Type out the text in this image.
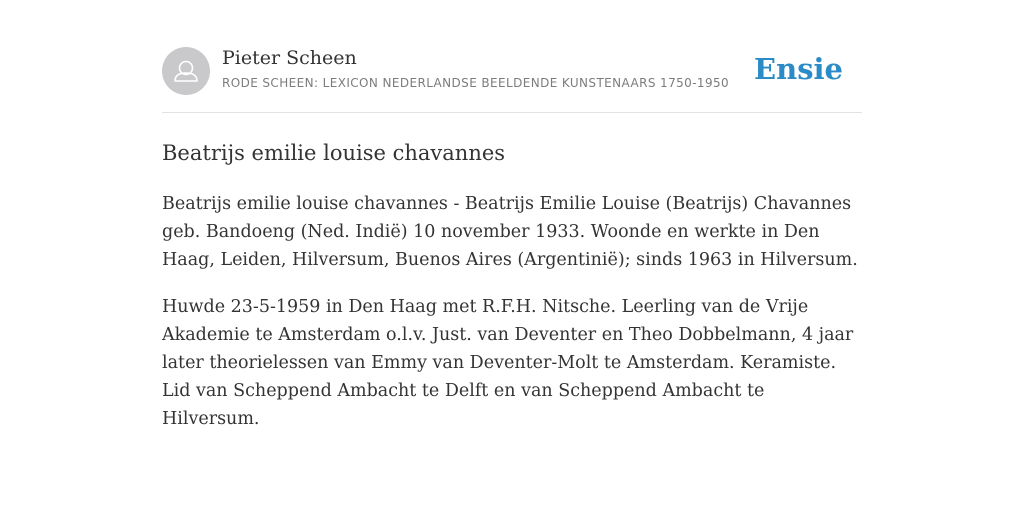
Pieter Scheen
RODE SCHEEN: LEXICON NEDERLANDSE BEELDENDE KUNSTENAARS 1750-1950 Ensie
Beatrijs emilie louise chavannes

Beatrijs emilie louise chavannes - Beatrijs Emilie Louise (Beatrijs) Chavannes geb. Bandoeng (Ned. Indië) 10 november 1933. Woonde en werkte in Den Haag, Leiden, Hilversum, Buenos Aires (Argentinië); sinds 1963 in Hilversum.

Huwde 23-5-1959 in Den Haag met R.F.H. Nitsche. Leerling van de Vrije Akademie te Amsterdam o.l.v. Just. van Deventer en Theo Dobbelmann, 4 jaar later theorielessen van Emmy van Deventer-Molt te Amsterdam. Keramiste. Lid van Scheppend Ambacht te Delft en van Scheppend Ambacht te Hilversum.
